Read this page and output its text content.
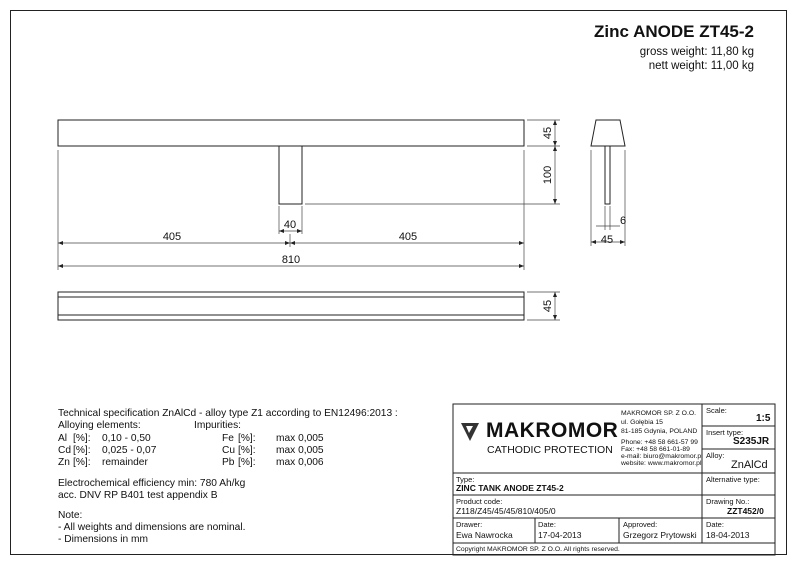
Zinc ANODE ZT45-2
gross weight: 11,80 kg
nett weight: 11,00 kg
45
100
40
405	405
810
45
6
45
Technical specification ZnAlCd - alloy type Z1 according to EN12496:2013 :
Alloying elements:	Impurities:
Al [%]: 0,10 - 0,50
Cd [%]: 0,025 - 0,07
Zn [%]: remainder
Fe [%]: max 0,005
Cu [%]: max 0,005
Pb [%]: max 0,006
Electrochemical efficiency min: 780 Ah/kg
acc. DNV RP B401 test appendix B
Note:
- All weights and dimensions are nominal.
- Dimensions in mm
MAKROMOR
CATHODIC PROTECTION
MAKROMOR SP. Z O.O.
ul. Gołębia 15
81-185 Gdynia, POLAND
Phone: +48 58 661-57 99
Fax: +48 58 661-01-89
e-mail: biuro@makromor.pl
website: www.makromor.pl
Scale:
1:5
Insert type:
S235JR
Alloy:
ZnAlCd
Type:
ZINC TANK ANODE ZT45-2
Alternative type:
Product code:
Z118/Z45/45/45/810/405/0
Drawing No.:
ZZT452/0
Drawer:
Ewa Nawrocka
Date:
17-04-2013
Approved:
Grzegorz Prytowski
Date:
18-04-2013
Copyright MAKROMOR SP. Z O.O. All rights reserved.
